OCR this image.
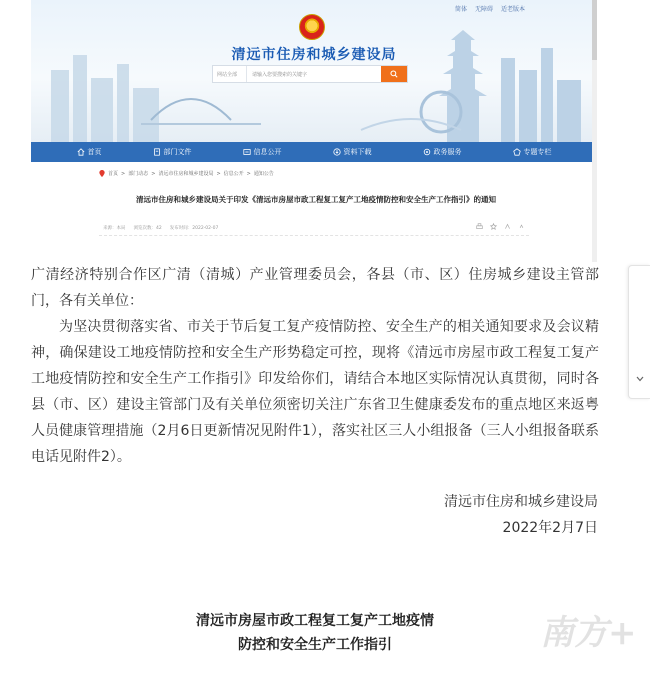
简体 无障碍 适老版本
清远市住房和城乡建设局
网站全部	请输入您要搜索的关键字
首页	部门文件	信息公开	资料下载	政务服务	专题专栏
首页 > 部门动态 > 清远市住房和城乡建设局 > 信息公开 > 通知公告
清远市住房和城乡建设局关于印发《清远市房屋市政工程复工复产工地疫情防控和安全生产工作指引》的通知
来源：本局 浏览次数：42 发布时间：2022-02-07

广清经济特别合作区广清（清城）产业管理委员会，各县（市、区）住房城乡建设主管部门，各有关单位：

为坚决贯彻落实省、市关于节后复工复产疫情防控、安全生产的相关通知要求及会议精神，确保建设工地疫情防控和安全生产形势稳定可控，现将《清远市房屋市政工程复工复产工地疫情防控和安全生产工作指引》印发给你们，请结合本地区实际情况认真贯彻，同时各县（市、区）建设主管部门及有关单位须密切关注广东省卫生健康委发布的重点地区来返粤人员健康管理措施（2月6日更新情况见附件1），落实社区三人小组报备（三人小组报备联系电话见附件2）。

清远市住房和城乡建设局
2022年2月7日
清远市房屋市政工程复工复产工地疫情
防控和安全生产工作指引	南方+
